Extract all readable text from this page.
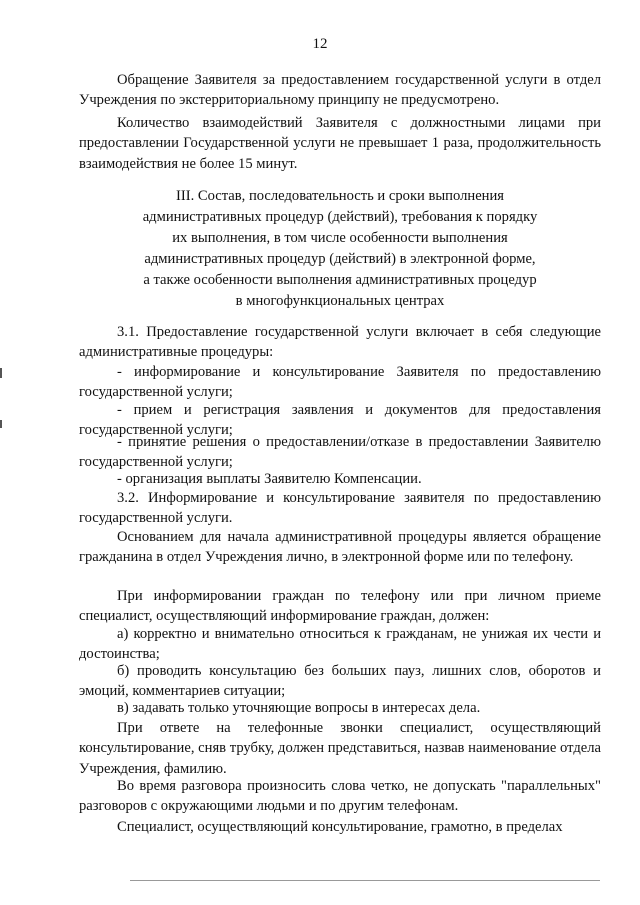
12

Обращение Заявителя за предоставлением государственной услуги в отдел Учреждения по экстерриториальному принципу не предусмотрено.

Количество взаимодействий Заявителя с должностными лицами при предоставлении Государственной услуги не превышает 1 раза, продолжительность взаимодействия не более 15 минут.

III. Состав, последовательность и сроки выполнения
административных процедур (действий), требования к порядку
их выполнения, в том числе особенности выполнения
административных процедур (действий) в электронной форме,
а также особенности выполнения административных процедур
в многофункциональных центрах

3.1. Предоставление государственной услуги включает в себя следующие административные процедуры:

- информирование и консультирование Заявителя по предоставлению государственной услуги;

- прием и регистрация заявления и документов для предоставления государственной услуги;

- принятие решения о предоставлении/отказе в предоставлении Заявителю государственной услуги;

- организация выплаты Заявителю Компенсации.

3.2. Информирование и консультирование заявителя по предоставлению государственной услуги.

Основанием для начала административной процедуры является обращение гражданина в отдел Учреждения лично, в электронной форме или по телефону.

При информировании граждан по телефону или при личном приеме специалист, осуществляющий информирование граждан, должен:

а) корректно и внимательно относиться к гражданам, не унижая их чести и достоинства;

б) проводить консультацию без больших пауз, лишних слов, оборотов и эмоций, комментариев ситуации;

в) задавать только уточняющие вопросы в интересах дела.

При ответе на телефонные звонки специалист, осуществляющий консультирование, сняв трубку, должен представиться, назвав наименование отдела Учреждения, фамилию.

Во время разговора произносить слова четко, не допускать "параллельных" разговоров с окружающими людьми и по другим телефонам.

Специалист, осуществляющий консультирование, грамотно, в пределах
